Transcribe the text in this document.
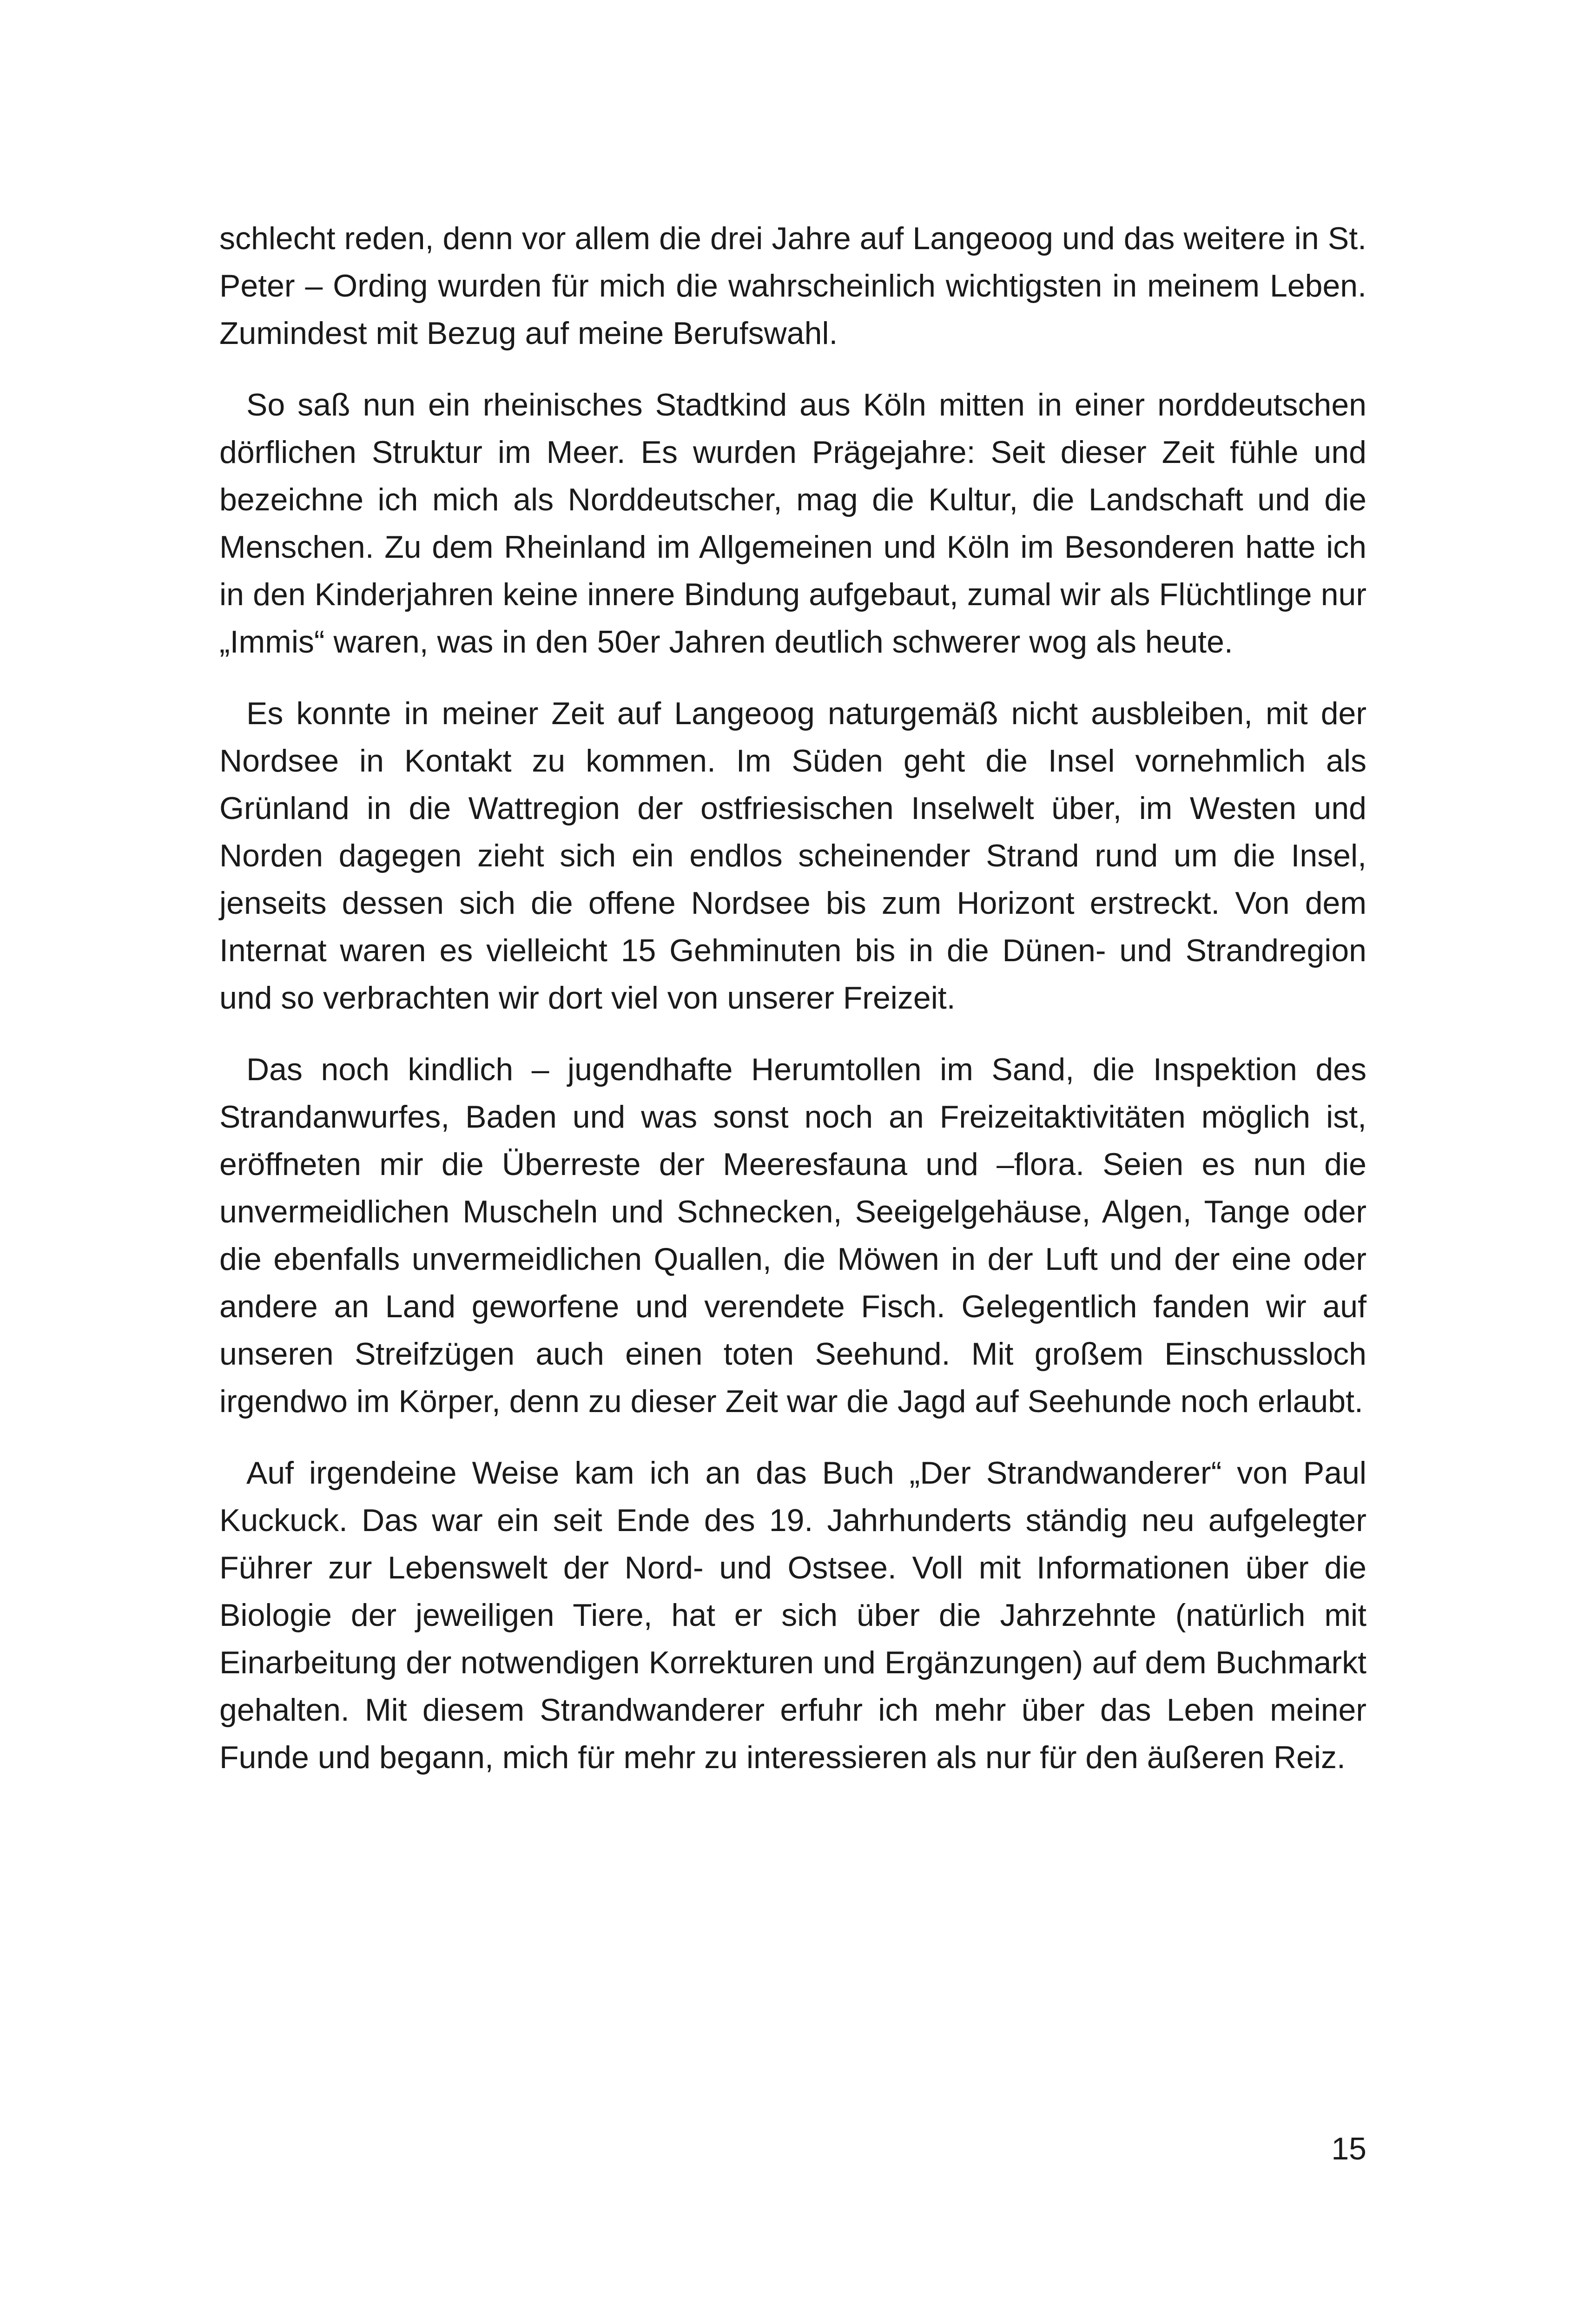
schlecht reden, denn vor allem die drei Jahre auf Langeoog und das weitere in St. Peter – Ording wurden für mich die wahrscheinlich wichtigsten in meinem Leben. Zumindest mit Bezug auf meine Berufswahl.

So saß nun ein rheinisches Stadtkind aus Köln mitten in einer norddeutschen dörflichen Struktur im Meer. Es wurden Prägejahre: Seit dieser Zeit fühle und bezeichne ich mich als Norddeutscher, mag die Kultur, die Landschaft und die Menschen. Zu dem Rheinland im Allgemeinen und Köln im Besonderen hatte ich in den Kinderjahren keine innere Bindung aufgebaut, zumal wir als Flüchtlinge nur „Immis“ waren, was in den 50er Jahren deutlich schwerer wog als heute.

Es konnte in meiner Zeit auf Langeoog naturgemäß nicht ausbleiben, mit der Nordsee in Kontakt zu kommen. Im Süden geht die Insel vornehmlich als Grünland in die Wattregion der ostfriesischen Inselwelt über, im Westen und Norden dagegen zieht sich ein endlos scheinender Strand rund um die Insel, jenseits dessen sich die offene Nordsee bis zum Horizont erstreckt. Von dem Internat waren es vielleicht 15 Gehminuten bis in die Dünen- und Strandregion und so verbrachten wir dort viel von unserer Freizeit.

Das noch kindlich – jugendhafte Herumtollen im Sand, die Inspektion des Strandanwurfes, Baden und was sonst noch an Freizeitaktivitäten möglich ist, eröffneten mir die Überreste der Meeresfauna und –flora. Seien es nun die unvermeidlichen Muscheln und Schnecken, Seeigelgehäuse, Algen, Tange oder die ebenfalls unvermeidlichen Quallen, die Möwen in der Luft und der eine oder andere an Land geworfene und verendete Fisch. Gelegentlich fanden wir auf unseren Streifzügen auch einen toten Seehund. Mit großem Einschussloch irgendwo im Körper, denn zu dieser Zeit war die Jagd auf Seehunde noch erlaubt.

Auf irgendeine Weise kam ich an das Buch „Der Strandwanderer“ von Paul Kuckuck. Das war ein seit Ende des 19. Jahrhunderts ständig neu aufgelegter Führer zur Lebenswelt der Nord- und Ostsee. Voll mit Informationen über die Biologie der jeweiligen Tiere, hat er sich über die Jahrzehnte (natürlich mit Einarbeitung der notwendigen Korrekturen und Ergänzungen) auf dem Buchmarkt gehalten. Mit diesem Strandwanderer erfuhr ich mehr über das Leben meiner Funde und begann, mich für mehr zu interessieren als nur für den äußeren Reiz.

15
